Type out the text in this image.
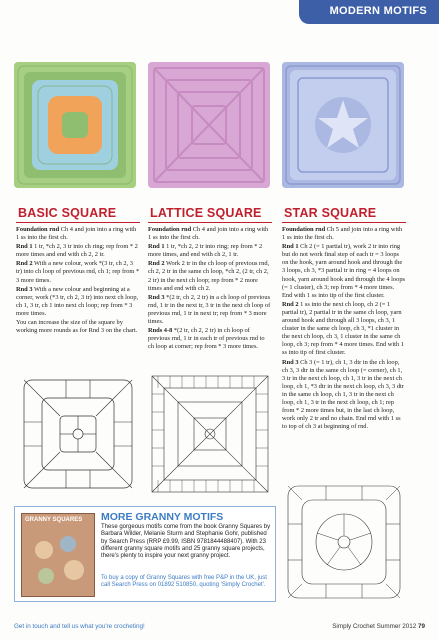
MODERN MOTIFS
BASIC SQUARE	LATTICE SQUARE STAR SQUARE

Foundation rnd Ch 4 and join into a ring with 1 ss into the first ch.

Rnd 1 1 tr, *ch 2, 3 tr into ch ring; rep from * 2 more times and end with ch 2, 2 tr.

Rnd 2 With a new colour, work *(3 tr, ch 2, 3 tr) into ch loop of previous rnd, ch 1; rep from * 3 more times.

Rnd 3 With a new colour and beginning at a corner, work (*3 tr, ch 2, 3 tr) into next ch loop, ch 1, 3 tr, ch 1 into next ch loop; rep from * 3 more times.

You can increase the size of the square by working more rounds as for Rnd 3 on the chart.

Foundation rnd Ch 4 and join into a ring with 1 ss into the first ch.

Rnd 1 1 tr, *ch 2, 2 tr into ring; rep from * 2 more times, and end with ch 2, 1 tr.

Rnd 2 Work 2 tr in the ch loop of previous rnd, ch 2, 2 tr in the same ch loop, *ch 2, (2 tr, ch 2, 2 tr) in the next ch loop; rep from * 2 more times and end with ch 2.

Rnd 3 *(2 tr, ch 2, 2 tr) in a ch loop of previous rnd, 1 tr in the next tr, 3 tr in the next ch loop of previous rnd, 1 tr in next tr; rep from * 3 more times.

Rnds 4-8 *(2 tr, ch 2, 2 tr) in ch loop of previous rnd, 1 tr in each tr of previous rnd to ch loop at corner; rep from * 3 more times.

Foundation rnd Ch 5 and join into a ring with 1 ss into the first ch.

Rnd 1 Ch 2 (= 1 partial tr), work 2 tr into ring but do not work final step of each tr = 3 loops on the hook, yarn around hook and through the 3 loops, ch 3, *3 partial tr in ring = 4 loops on hook, yarn around hook and through the 4 loops (= 1 cluster), ch 3; rep from * 4 more times. End with 1 ss into tip of the first cluster.

Rnd 2 1 ss into the next ch loop, ch 2 (= 1 partial tr), 2 partial tr in the same ch loop, yarn around hook and through all 3 loops, ch 3, 1 cluster in the same ch loop, ch 3, *1 cluster in the next ch loop, ch 3, 1 cluster in the same ch loop, ch 3; rep from * 4 more times. End with 1 ss into tip of first cluster.

Rnd 3 Ch 3 (= 1 tr), ch 1, 3 dtr in the ch loop, ch 3, 3 dtr in the same ch loop (= corner), ch 1, 3 tr in the next ch loop, ch 1, 3 tr in the next ch loop, ch 1, *3 dtr in the next ch loop, ch 3, 3 dtr in the same ch loop, ch 1, 3 tr in the next ch loop, ch 1, 3 tr in the next ch loop, ch 1; rep from * 2 more times but, in the last ch loop, work only 2 tr and no chain. End rnd with 1 ss to top of ch 3 at beginning of rnd.

GRANNY SQUARES MORE GRANNY MOTIFS
These gorgeous motifs come from the book Granny Squares by Barbara Wilder, Melanie Sturm and Stephanie Gohr, published by Search Press (RRP £9.99, ISBN 9781844488407). With 23 different granny square motifs and 25 granny square projects, there's plenty to inspire your next granny project.
To buy a copy of Granny Squares with free P&P in the UK, just call Search Press on 01892 510850, quoting 'Simply Crochet'.
Get in touch and tell us what you're crocheting!	Simply Crochet Summer 2012 79
